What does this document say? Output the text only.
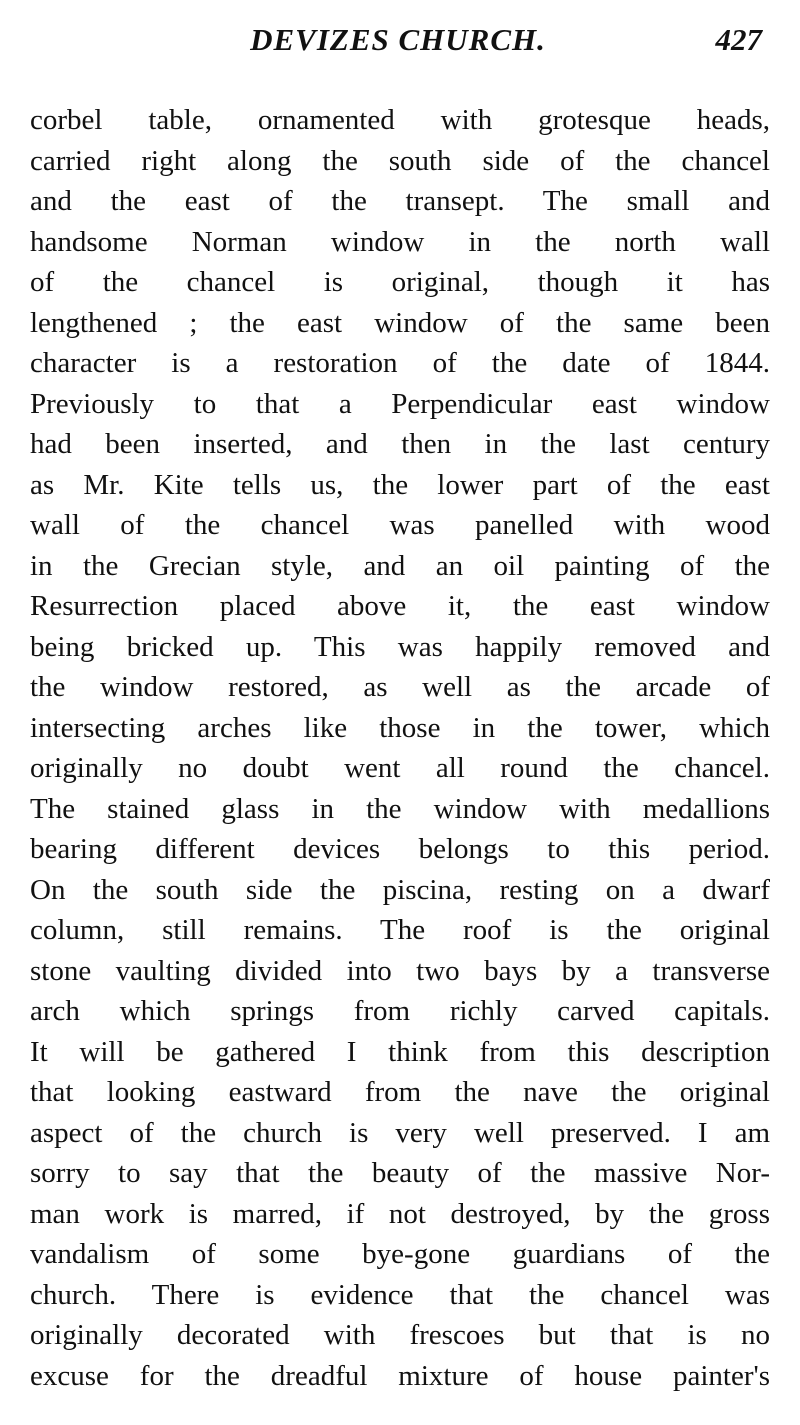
DEVIZES CHURCH.	427
corbel table, ornamented with grotesque heads,
carried right along the south side of the chancel
and the east of the transept. The small and
handsome Norman window in the north wall
of the chancel is original, though it has
lengthened ; the east window of the same been
character is a restoration of the date of 1844.
Previously to that a Perpendicular east window
had been inserted, and then in the last century
as Mr. Kite tells us, the lower part of the east
wall of the chancel was panelled with wood
in the Grecian style, and an oil painting of the
Resurrection placed above it, the east window
being bricked up. This was happily removed and
the window restored, as well as the arcade of
intersecting arches like those in the tower, which
originally no doubt went all round the chancel.
The stained glass in the window with medallions
bearing different devices belongs to this period.
On the south side the piscina, resting on a dwarf
column, still remains. The roof is the original
stone vaulting divided into two bays by a transverse
arch which springs from richly carved capitals.
It will be gathered I think from this description
that looking eastward from the nave the original
aspect of the church is very well preserved. I am
sorry to say that the beauty of the massive Nor-
man work is marred, if not destroyed, by the gross
vandalism of some bye-gone guardians of the
church. There is evidence that the chancel was
originally decorated with frescoes but that is no
excuse for the dreadful mixture of house painter's
